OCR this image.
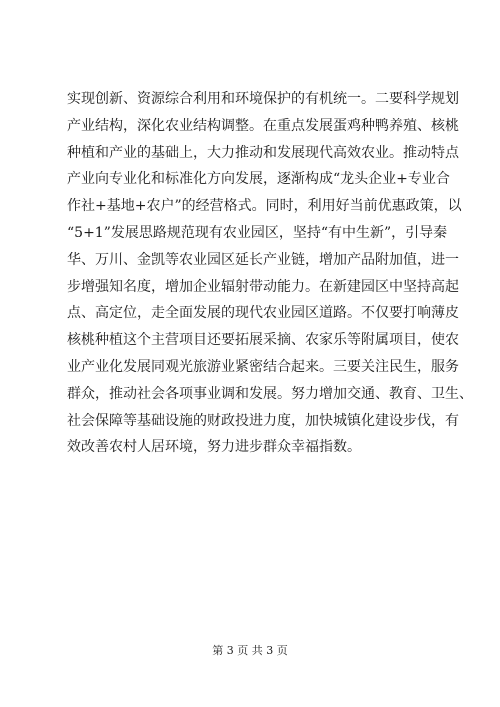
实现创新、资源综合利用和环境保护的有机统一。二要科学规划
产业结构，深化农业结构调整。在重点发展蛋鸡种鸭养殖、核桃
种植和产业的基础上，大力推动和发展现代高效农业。推动特点
产业向专业化和标准化方向发展，逐渐构成“龙头企业+专业合
作社+基地+农户”的经营格式。同时，利用好当前优惠政策，以
“5+1”发展思路规范现有农业园区，坚持“有中生新”，引导秦
华、万川、金凯等农业园区延长产业链，增加产品附加值，进一
步增强知名度，增加企业辐射带动能力。在新建园区中坚持高起
点、高定位，走全面发展的现代农业园区道路。不仅要打响薄皮
核桃种植这个主营项目还要拓展采摘、农家乐等附属项目，使农
业产业化发展同观光旅游业紧密结合起来。三要关注民生，服务
群众，推动社会各项事业调和发展。努力增加交通、教育、卫生、
社会保障等基础设施的财政投进力度，加快城镇化建设步伐，有
效改善农村人居环境，努力进步群众幸福指数。
第 3 页 共 3 页
